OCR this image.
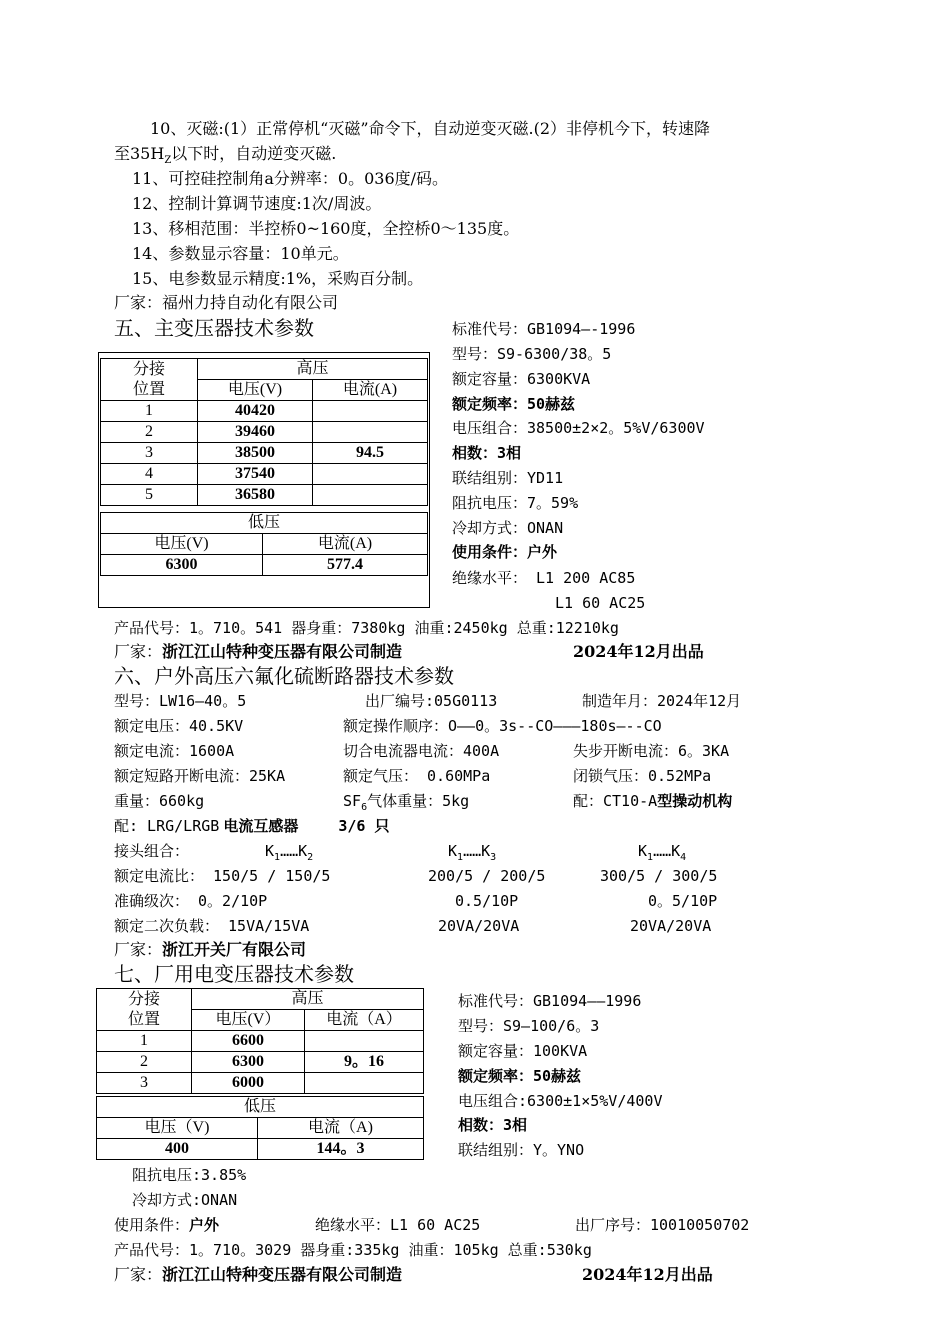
10、灭磁:(1）正常停机“灭磁”命令下，自动逆变灭磁.(2）非停机今下，转速降
至$35H_Z$以下时，自动逆变灭磁.
11、可控硅控制角a分辨率：0。036度/码。
12、控制计算调节速度:1次/周波。
13、移相范围：半控桥0~160度，全控桥0～135度。
14、参数显示容量：10单元。
15、电参数显示精度:1%，采购百分制。
厂家：福州力持自动化有限公司
五、主变压器技术参数
分接
位置	高压	
	电压(V)	电流(A)
1	40420	
2	39460	
3	38500	94.5
4	37540	
5	36580	
低压	
电压(V)	电流(A)
6300	577.4
标准代号：GB1094―-1996
型号：S9-6300/38。5
额定容量：6300KVA
额定频率：50赫兹
电压组合：38500±2×2。5%V/6300V
相数：3相
联结组别：YD11
阻抗电压：7。59%
冷却方式：ONAN
使用条件：户外
绝缘水平： L1 200 AC85
L1 60 AC25
产品代号：1。710。541 器身重：7380kg 油重:2450kg 总重:12210kg
厂家：浙江江山特种变压器有限公司制造	2024年12月出品
六、户外高压六氟化硫断路器技术参数
型号：LW16—40。5	出厂编号:05G0113	制造年月：2024年12月
额定电压：40.5KV	额定操作顺序：O――0。3s--CO―――180s―--CO
额定电流：1600A	切合电流器电流：400A	失步开断电流：6。3KA
额定短路开断电流：25KA	额定气压： 0.60MPa	闭锁气压：0.52MPa
重量：660kg	$SF_6$气体重量：5kg	配：CT10-A型操动机构
配: LRG/LRGB 电流互感器	3/6 只
接头组合：	$K_1\dots\dots K_2$	$K_1\dots\dots K_3$	$K_1\dots\dots K_4$
额定电流比： 150/5 / 150/5	200/5 / 200/5	300/5 / 300/5
准确级次： 0。2/10P	0.5/10P	0。5/10P
额定二次负载： 15VA/15VA	20VA/20VA	20VA/20VA
厂家：浙江开关厂有限公司
七、厂用电变压器技术参数
分接
位置	高压	
	电压(V）	电流（A）
1	6600	
2	6300	9。16
3	6000	
低压	
电压（V)	电流（A)
400	144。3
标准代号：GB1094――1996
型号：S9—100/6。3
额定容量：100KVA
额定频率：50赫兹
电压组合:6300±1×5%V/400V
相数：3相
联结组别：Y。YNO
阻抗电压:3.85%
冷却方式:ONAN
使用条件：户外	绝缘水平：L1 60 AC25	出厂序号：10010050702
产品代号：1。710。3029 器身重:335kg 油重：105kg 总重:530kg
厂家：浙江江山特种变压器有限公司制造	2024年12月出品
